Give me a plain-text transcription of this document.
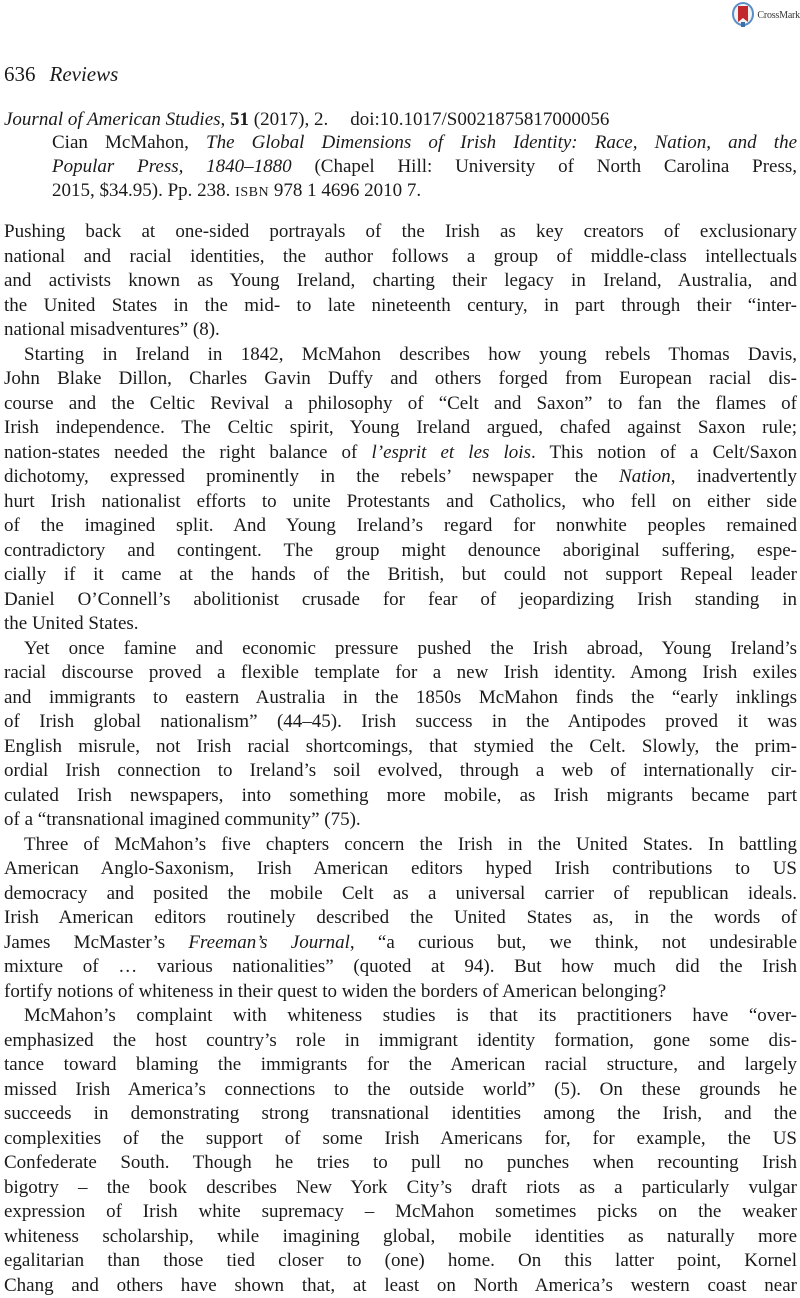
CrossMark
636 Reviews
Journal of American Studies, 51 (2017), 2. doi:10.1017/S0021875817000056
Cian McMahon, The Global Dimensions of Irish Identity: Race, Nation, and the
Popular Press, 1840–1880 (Chapel Hill: University of North Carolina Press,
2015, $34.95). Pp. 238. ISBN 978 1 4696 2010 7.
Pushing back at one-sided portrayals of the Irish as key creators of exclusionary
national and racial identities, the author follows a group of middle-class intellectuals
and activists known as Young Ireland, charting their legacy in Ireland, Australia, and
the United States in the mid- to late nineteenth century, in part through their “inter-
national misadventures” (8).
Starting in Ireland in 1842, McMahon describes how young rebels Thomas Davis,
John Blake Dillon, Charles Gavin Duffy and others forged from European racial dis-
course and the Celtic Revival a philosophy of “Celt and Saxon” to fan the flames of
Irish independence. The Celtic spirit, Young Ireland argued, chafed against Saxon rule;
nation-states needed the right balance of l’esprit et les lois. This notion of a Celt/Saxon
dichotomy, expressed prominently in the rebels’ newspaper the Nation, inadvertently
hurt Irish nationalist efforts to unite Protestants and Catholics, who fell on either side
of the imagined split. And Young Ireland’s regard for nonwhite peoples remained
contradictory and contingent. The group might denounce aboriginal suffering, espe-
cially if it came at the hands of the British, but could not support Repeal leader
Daniel O’Connell’s abolitionist crusade for fear of jeopardizing Irish standing in
the United States.
Yet once famine and economic pressure pushed the Irish abroad, Young Ireland’s
racial discourse proved a flexible template for a new Irish identity. Among Irish exiles
and immigrants to eastern Australia in the 1850s McMahon finds the “early inklings
of Irish global nationalism” (44–45). Irish success in the Antipodes proved it was
English misrule, not Irish racial shortcomings, that stymied the Celt. Slowly, the prim-
ordial Irish connection to Ireland’s soil evolved, through a web of internationally cir-
culated Irish newspapers, into something more mobile, as Irish migrants became part
of a “transnational imagined community” (75).
Three of McMahon’s five chapters concern the Irish in the United States. In battling
American Anglo-Saxonism, Irish American editors hyped Irish contributions to US
democracy and posited the mobile Celt as a universal carrier of republican ideals.
Irish American editors routinely described the United States as, in the words of
James McMaster’s Freeman’s Journal, “a curious but, we think, not undesirable
mixture of … various nationalities” (quoted at 94). But how much did the Irish
fortify notions of whiteness in their quest to widen the borders of American belonging?
McMahon’s complaint with whiteness studies is that its practitioners have “over-
emphasized the host country’s role in immigrant identity formation, gone some dis-
tance toward blaming the immigrants for the American racial structure, and largely
missed Irish America’s connections to the outside world” (5). On these grounds he
succeeds in demonstrating strong transnational identities among the Irish, and the
complexities of the support of some Irish Americans for, for example, the US
Confederate South. Though he tries to pull no punches when recounting Irish
bigotry – the book describes New York City’s draft riots as a particularly vulgar
expression of Irish white supremacy – McMahon sometimes picks on the weaker
whiteness scholarship, while imagining global, mobile identities as naturally more
egalitarian than those tied closer to (one) home. On this latter point, Kornel
Chang and others have shown that, at least on North America’s western coast near
